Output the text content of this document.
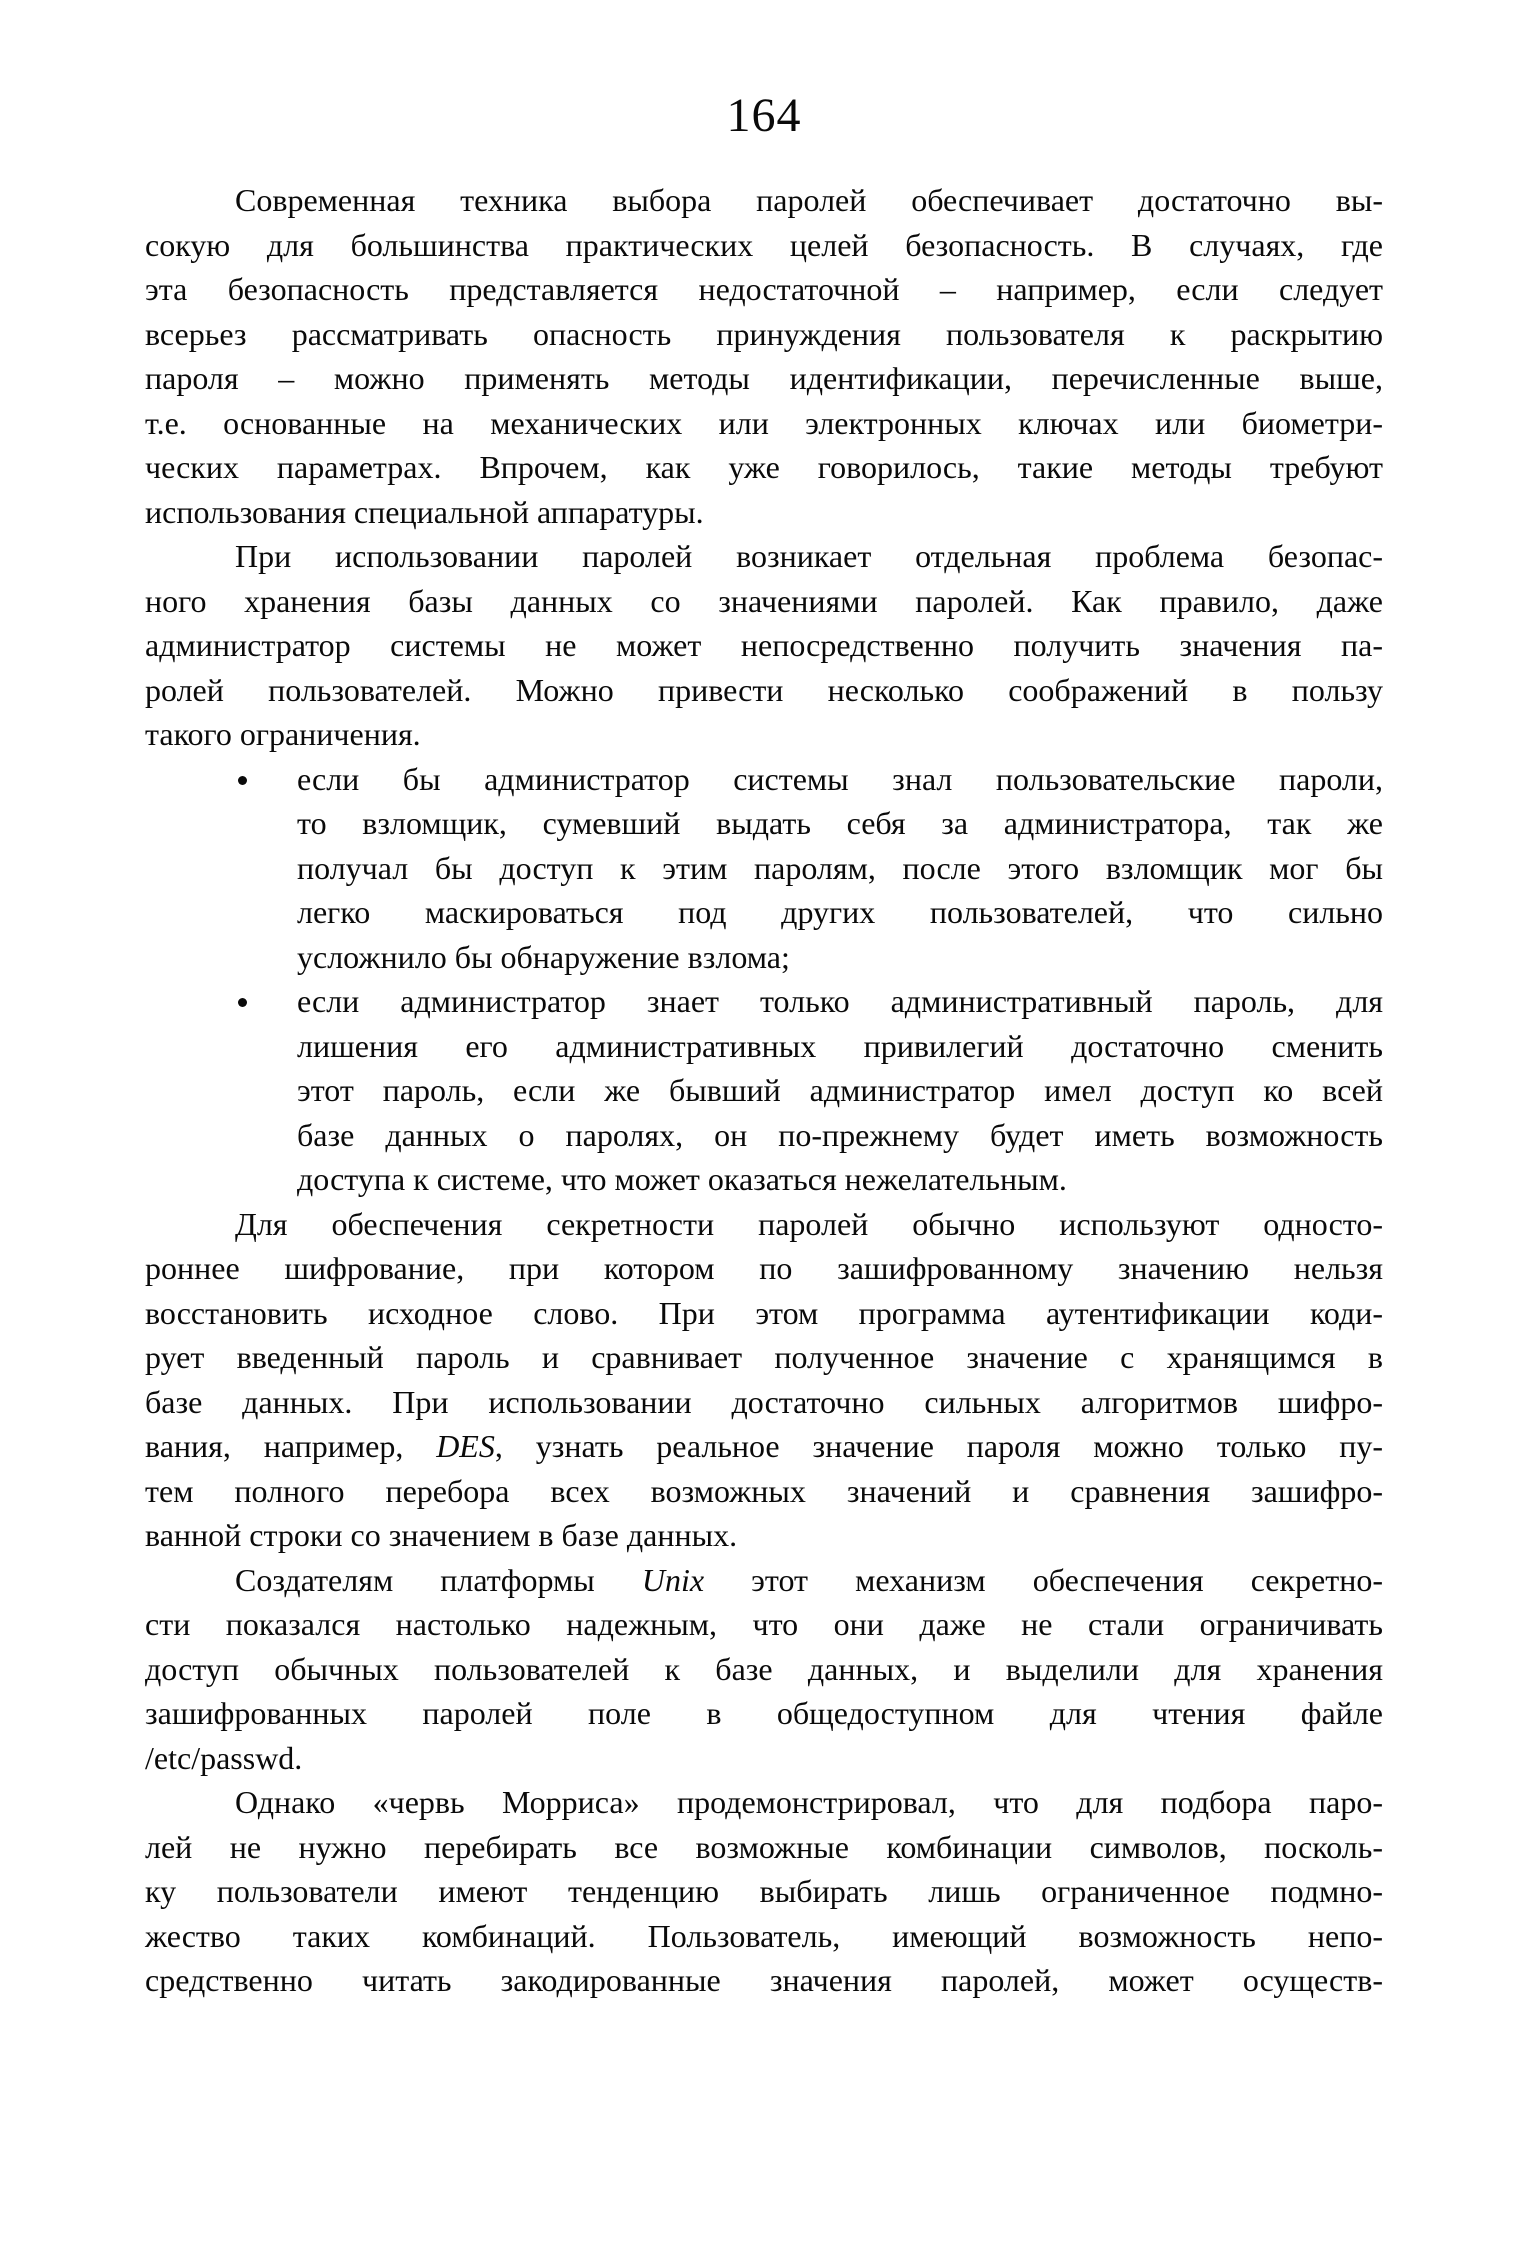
164
Современная техника выбора паролей обеспечивает достаточно вы-
сокую для большинства практических целей безопасность. В случаях, где
эта безопасность представляется недостаточной – например, если следует
всерьез рассматривать опасность принуждения пользователя к раскрытию
пароля – можно применять методы идентификации, перечисленные выше,
т.е. основанные на механических или электронных ключах или биометри-
ческих параметрах. Впрочем, как уже говорилось, такие методы требуют
использования специальной аппаратуры.
При использовании паролей возникает отдельная проблема безопас-
ного хранения базы данных со значениями паролей. Как правило, даже
администратор системы не может непосредственно получить значения па-
ролей пользователей. Можно привести несколько соображений в пользу
такого ограничения.
если бы администратор системы знал пользовательские пароли,
то взломщик, сумевший выдать себя за администратора, так же
получал бы доступ к этим паролям, после этого взломщик мог бы
легко маскироваться под других пользователей, что сильно
усложнило бы обнаружение взлома;
если администратор знает только административный пароль, для
лишения его административных привилегий достаточно сменить
этот пароль, если же бывший администратор имел доступ ко всей
базе данных о паролях, он по-прежнему будет иметь возможность
доступа к системе, что может оказаться нежелательным.
Для обеспечения секретности паролей обычно используют односто-
роннее шифрование, при котором по зашифрованному значению нельзя
восстановить исходное слово. При этом программа аутентификации коди-
рует введенный пароль и сравнивает полученное значение с хранящимся в
базе данных. При использовании достаточно сильных алгоритмов шифро-
вания, например, DES, узнать реальное значение пароля можно только пу-
тем полного перебора всех возможных значений и сравнения зашифро-
ванной строки со значением в базе данных.
Создателям платформы Unix этот механизм обеспечения секретно-
сти показался настолько надежным, что они даже не стали ограничивать
доступ обычных пользователей к базе данных, и выделили для хранения
зашифрованных паролей поле в общедоступном для чтения файле
/etc/passwd.
Однако «червь Морриса» продемонстрировал, что для подбора паро-
лей не нужно перебирать все возможные комбинации символов, посколь-
ку пользователи имеют тенденцию выбирать лишь ограниченное подмно-
жество таких комбинаций. Пользователь, имеющий возможность непо-
средственно читать закодированные значения паролей, может осуществ-
